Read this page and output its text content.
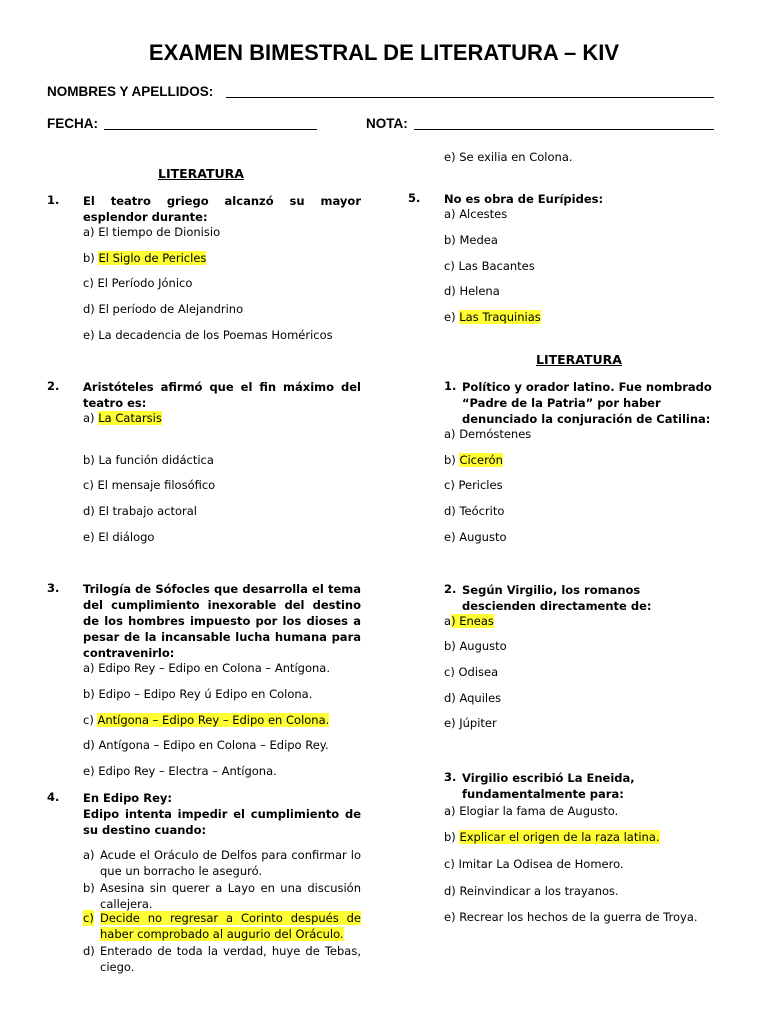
EXAMEN BIMESTRAL DE LITERATURA – KIV
NOMBRES Y APELLIDOS:
FECHA:	NOTA:
LITERATURA
1. El teatro griego alcanzó su mayor esplendor durante:
a) El tiempo de Dionisio
b) El Siglo de Pericles
c) El Período Jónico
d) El período de Alejandrino
e) La decadencia de los Poemas Homéricos
2. Aristóteles afirmó que el fin máximo del teatro es:
a) La Catarsis
b) La función didáctica
c) El mensaje filosófico
d) El trabajo actoral
e) El diálogo
3. Trilogía de Sófocles que desarrolla el tema del cumplimiento inexorable del destino de los hombres impuesto por los dioses a pesar de la incansable lucha humana para contravenirlo:
a) Edipo Rey – Edipo en Colona – Antígona.
b) Edipo – Edipo Rey ú Edipo en Colona.
c) Antígona – Edipo Rey – Edipo en Colona.
d) Antígona – Edipo en Colona – Edipo Rey.
e) Edipo Rey – Electra – Antígona.
4. En Edipo Rey:
Edipo intenta impedir el cumplimiento de su destino cuando:
a) Acude el Oráculo de Delfos para confirmar lo que un borracho le aseguró.
b) Asesina sin querer a Layo en una discusión callejera.
c) Decide no regresar a Corinto después de haber comprobado al augurio del Oráculo.
d) Enterado de toda la verdad, huye de Tebas, ciego.
e) Se exilia en Colona.
5. No es obra de Eurípides:
a) Alcestes
b) Medea
c) Las Bacantes
d) Helena
e) Las Traquinias
LITERATURA
1. Político y orador latino. Fue nombrado “Padre de la Patria” por haber denunciado la conjuración de Catilina:
a) Demóstenes
b) Cicerón
c) Pericles
d) Teócrito
e) Augusto
2. Según Virgilio, los romanos descienden directamente de:
a) Eneas
b) Augusto
c) Odisea
d) Aquiles
e) Júpiter
3. Virgilio escribió La Eneida, fundamentalmente para:
a) Elogiar la fama de Augusto.
b) Explicar el origen de la raza latina.
c) Imitar La Odisea de Homero.
d) Reinvindicar a los trayanos.
e) Recrear los hechos de la guerra de Troya.
